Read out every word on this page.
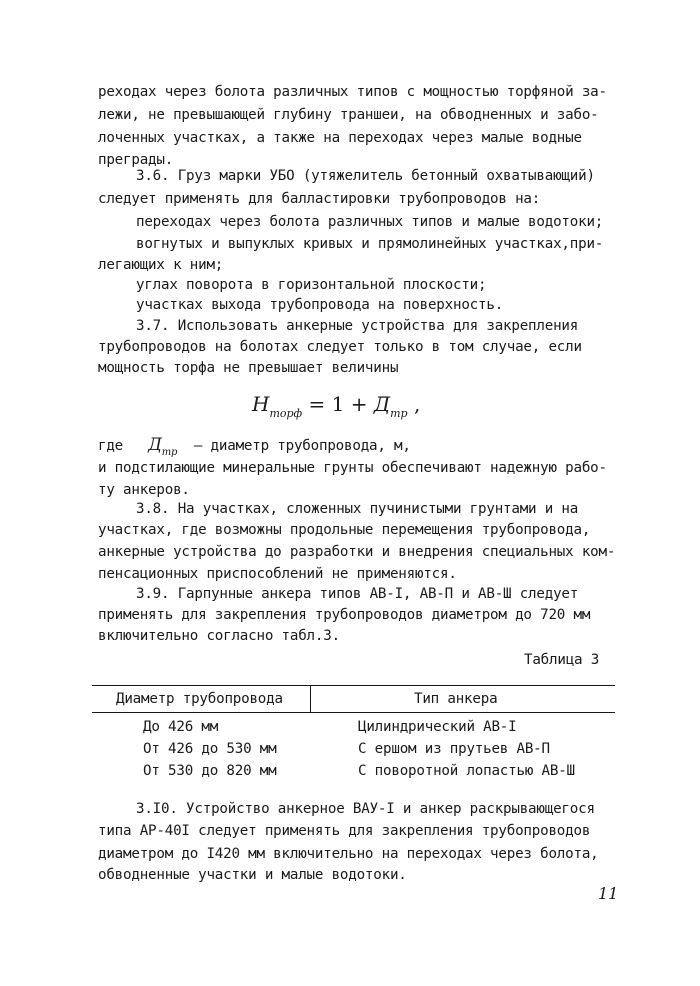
реходах через болота различных типов с мощностью торфяной за-
лежи, не превышающей глубину траншеи, на обводненных и забо-
лоченных участках, а также на переходах через малые водные
преграды.
3.6. Груз марки УБО (утяжелитель бетонный охватывающий)
следует применять для балластировки трубопроводов на:
переходах через болота различных типов и малые водотоки;
вогнутых и выпуклых кривых и прямолинейных участках,при-
легающих к ним;
углах поворота в горизонтальной плоскости;
участках выхода трубопровода на поверхность.
3.7. Использовать анкерные устройства для закрепления
трубопроводов на болотах следует только в том случае, если
мощность торфа не превышает величины
$H_{торф} = 1 + Д_{тр}$ ,
где $Д_{тр}$ – диаметр трубопровода, м,
и подстилающие минеральные грунты обеспечивают надежную рабо-
ту анкеров.
3.8. На участках, сложенных пучинистыми грунтами и на
участках, где возможны продольные перемещения трубопровода,
анкерные устройства до разработки и внедрения специальных ком-
пенсационных приспособлений не применяются.
3.9. Гарпунные анкера типов АВ-I, АВ-П и АВ-Ш следует
применять для закрепления трубопроводов диаметром до 720 мм
включительно согласно табл.3.
Таблица 3
Диаметр трубопровода	Тип анкера
До 426 мм	Цилиндрический АВ-I
От 426 до 530 мм	С ершом из прутьев АВ-П
От 530 до 820 мм	С поворотной лопастью АВ-Ш
3.I0. Устройство анкерное ВАУ-I и анкер раскрывающегося
типа АР-40I следует применять для закрепления трубопроводов
диаметром до I420 мм включительно на переходах через болота,
обводненные участки и малые водотоки.
11
